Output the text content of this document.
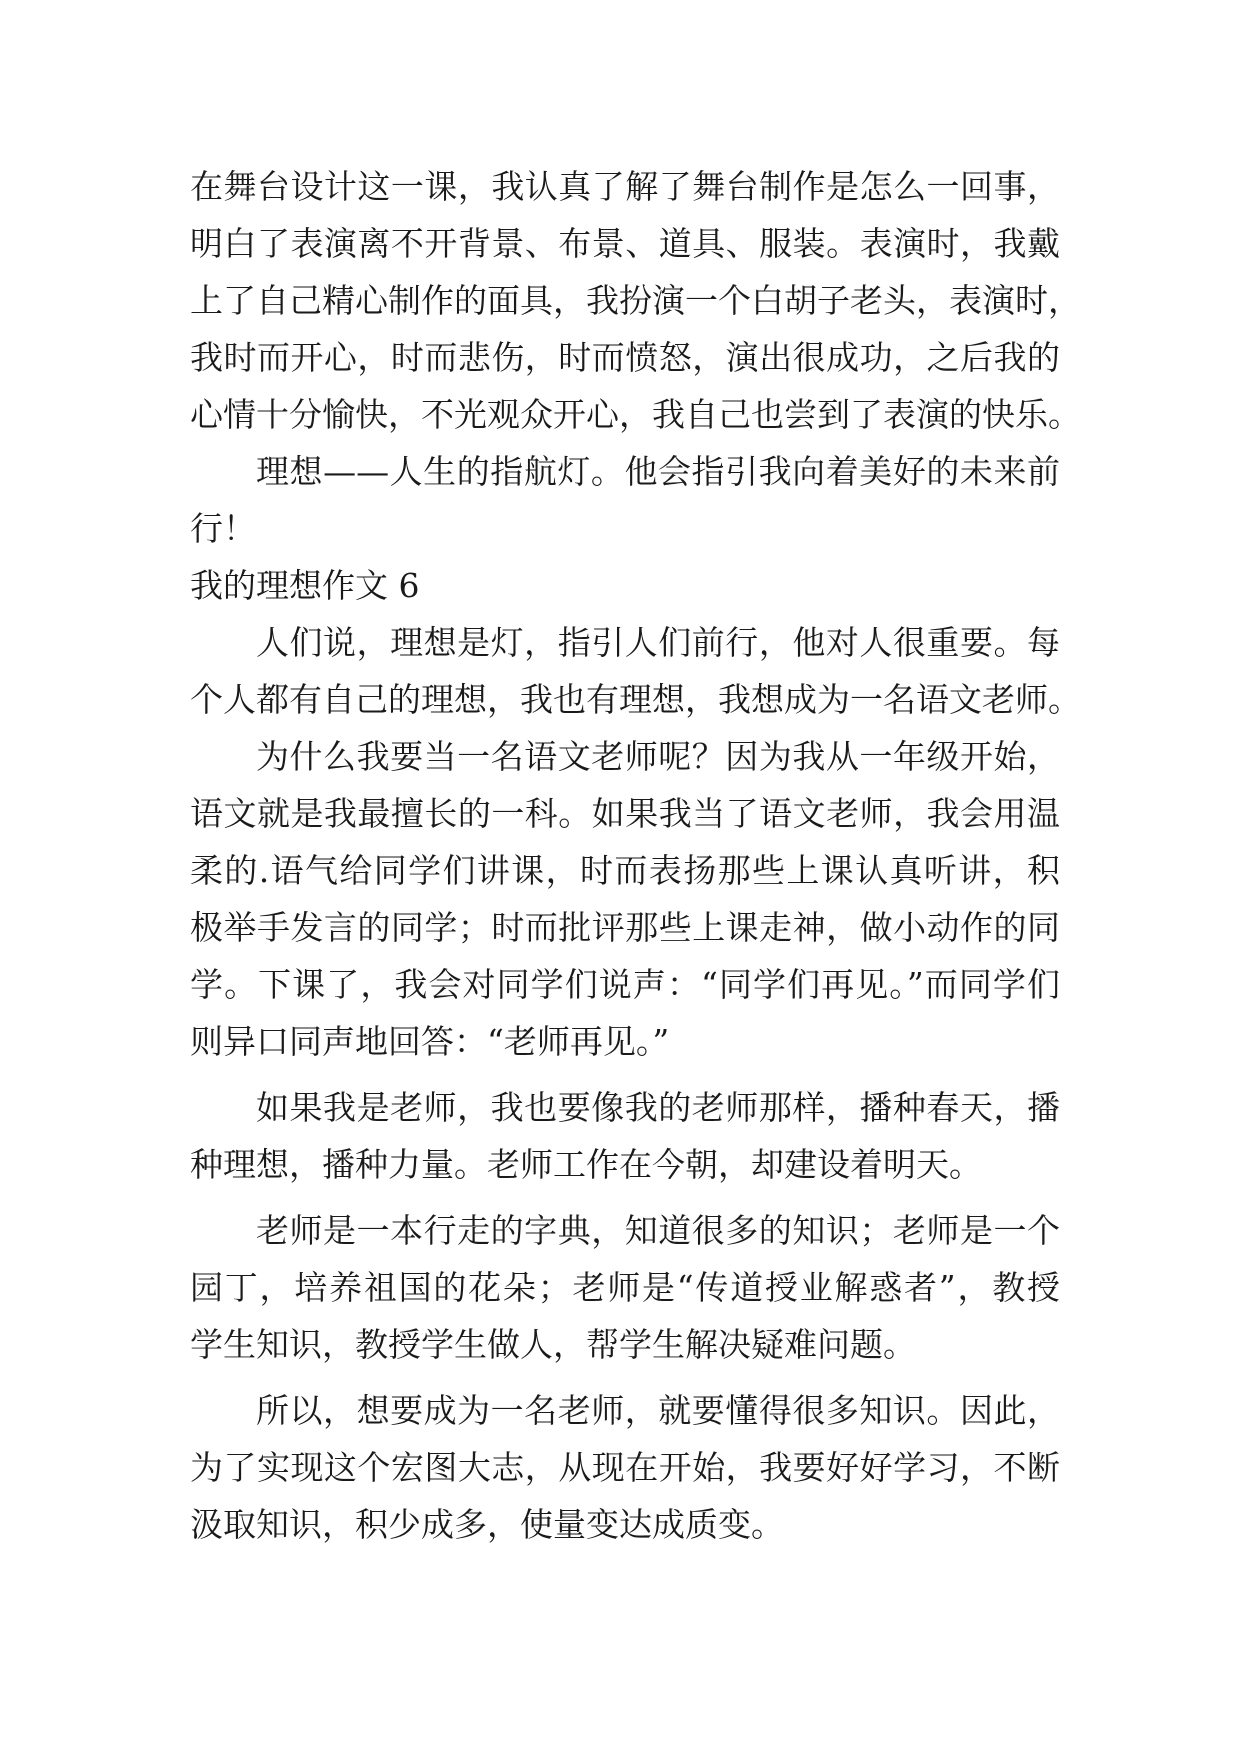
在舞台设计这一课，我认真了解了舞台制作是怎么一回事，
明白了表演离不开背景、布景、道具、服装。表演时，我戴
上了自己精心制作的面具，我扮演一个白胡子老头，表演时，
我时而开心，时而悲伤，时而愤怒，演出很成功，之后我的
心情十分愉快，不光观众开心，我自己也尝到了表演的快乐。
理想——人生的指航灯。他会指引我向着美好的未来前
行！
我的理想作文 6
人们说，理想是灯，指引人们前行，他对人很重要。每
个人都有自己的理想，我也有理想，我想成为一名语文老师。
为什么我要当一名语文老师呢？因为我从一年级开始，
语文就是我最擅长的一科。如果我当了语文老师，我会用温
柔的.语气给同学们讲课，时而表扬那些上课认真听讲，积
极举手发言的同学；时而批评那些上课走神，做小动作的同
学。下课了，我会对同学们说声：“同学们再见。”而同学们
则异口同声地回答：“老师再见。”
如果我是老师，我也要像我的老师那样，播种春天，播
种理想，播种力量。老师工作在今朝，却建设着明天。
老师是一本行走的字典，知道很多的知识；老师是一个
园丁，培养祖国的花朵；老师是“传道授业解惑者”，教授
学生知识，教授学生做人，帮学生解决疑难问题。
所以，想要成为一名老师，就要懂得很多知识。因此，
为了实现这个宏图大志，从现在开始，我要好好学习，不断
汲取知识，积少成多，使量变达成质变。
